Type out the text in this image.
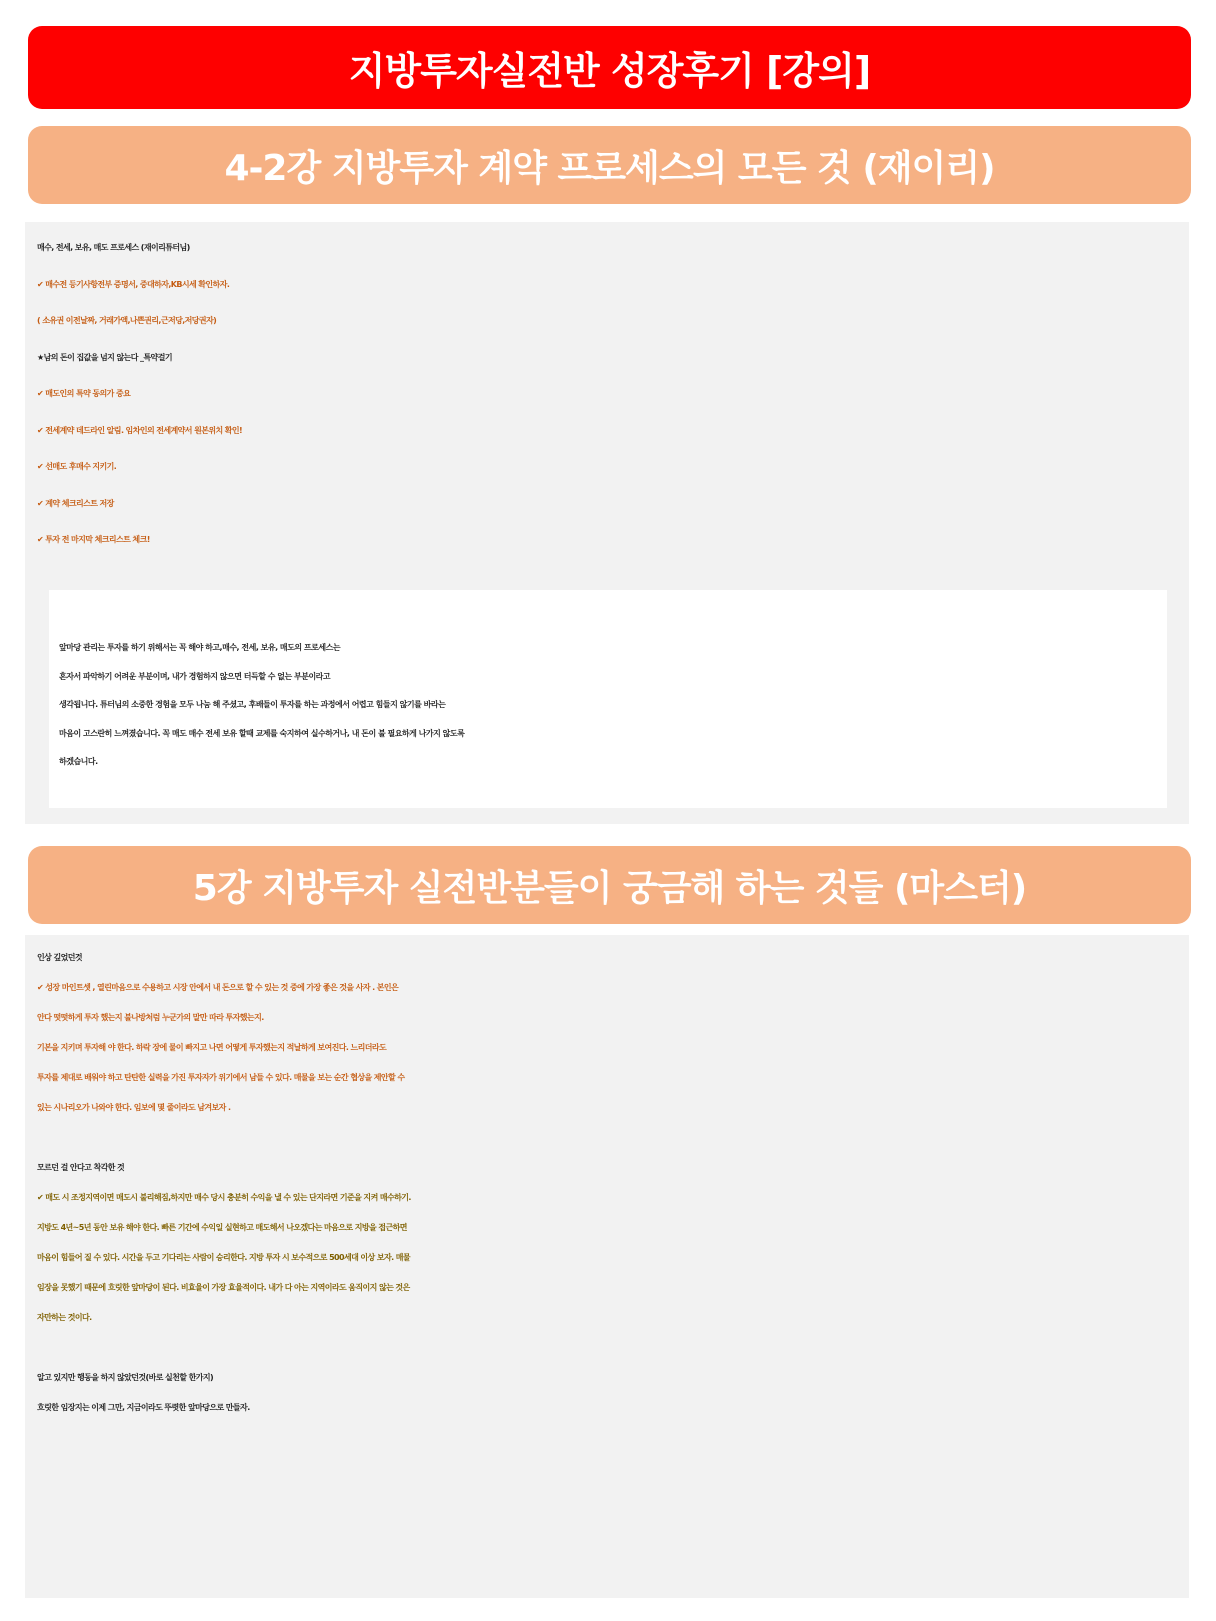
지방투자실전반 성장후기 [강의]
4-2강 지방투자 계약 프로세스의 모든 것 (재이리)

매수, 전세, 보유, 매도 프로세스 (재이리튜터님)

✔ 매수전 등기사항전부 증명서, 중대하자,KB시세 확인하자.

( 소유권 이전날짜, 거래가액,나쁜권리,근저당,저당권자)

★남의 돈이 집값을 넘지 않는다 _특약걸기

✔ 매도인의 특약 동의가 중요

✔ 전세계약 데드라인 알림. 임차인의 전세계약서 원본위치 확인!

✔ 선매도 후매수 지키기.

✔ 계약 체크리스트 저장

✔ 투자 전 마지막 체크리스트 체크!

앞마당 관리는 투자를 하기 위해서는 꼭 해야 하고,매수, 전세, 보유, 매도의 프로세스는

혼자서 파악하기 어려운 부분이며, 내가 경험하지 않으면 터득할 수 없는 부분이라고

생각됩니다. 튜터님의 소중한 경험을 모두 나눔 해 주셨고, 후배들이 투자를 하는 과정에서 어렵고 힘들지 않기를 바라는

마음이 고스란히 느껴졌습니다. 꼭 매도 매수 전세 보유 할때 교제를 숙지하여 실수하거나, 내 돈이 불 필요하게 나가지 않도록

하겠습니다.

5강 지방투자 실전반분들이 궁금해 하는 것들 (마스터)

인상 깊었던것

✔ 성장 마인트셋 , 열린마음으로 수용하고 시장 안에서 내 돈으로 할 수 있는 것 중에 가장 좋은 것을 사자 . 본인은

안다 떳떳하게 투자 했는지 불나방처럼 누군가의 말만 따라 투자했는지.

기본을 지키며 투자해 야 한다. 하락 장에 물이 빠지고 나면 어떻게 투자했는지 적날하게 보여진다. 느리더라도

투자를 제대로 배워야 하고 탄탄한 실력을 가진 투자자가 위기에서 남들 수 있다. 매물을 보는 순간 협상을 제안할 수

있는 시나리오가 나와야 한다. 임보에 몇 줄이라도 남겨보자 .

모르던 걸 안다고 착각한 것

✔ 매도 시 조정지역이면 매도시 불리해짐,하지만 매수 당시 충분히 수익을 낼 수 있는 단지라면 기준을 지켜 매수하기.

지방도 4년~5년 동안 보유 해야 한다. 빠른 기간에 수익일 실현하고 매도해서 나오겠다는 마음으로 지방을 접근하면

마음이 힘들어 질 수 있다. 시간을 두고 기다리는 사람이 승리한다. 지방 투자 시 보수적으로 500세대 이상 보자. 매물

임장을 못했기 때문에 흐릿한 앞마당이 된다. 비효율이 가장 효율적이다. 내가 다 아는 지역이라도 움직이지 않는 것은

자만하는 것이다.

알고 있지만 행동을 하지 않았던것(바로 실천할 한가지)

흐릿한 임장지는 이제 그만, 지금이라도 뚜렷한 앞마당으로 만들자.
